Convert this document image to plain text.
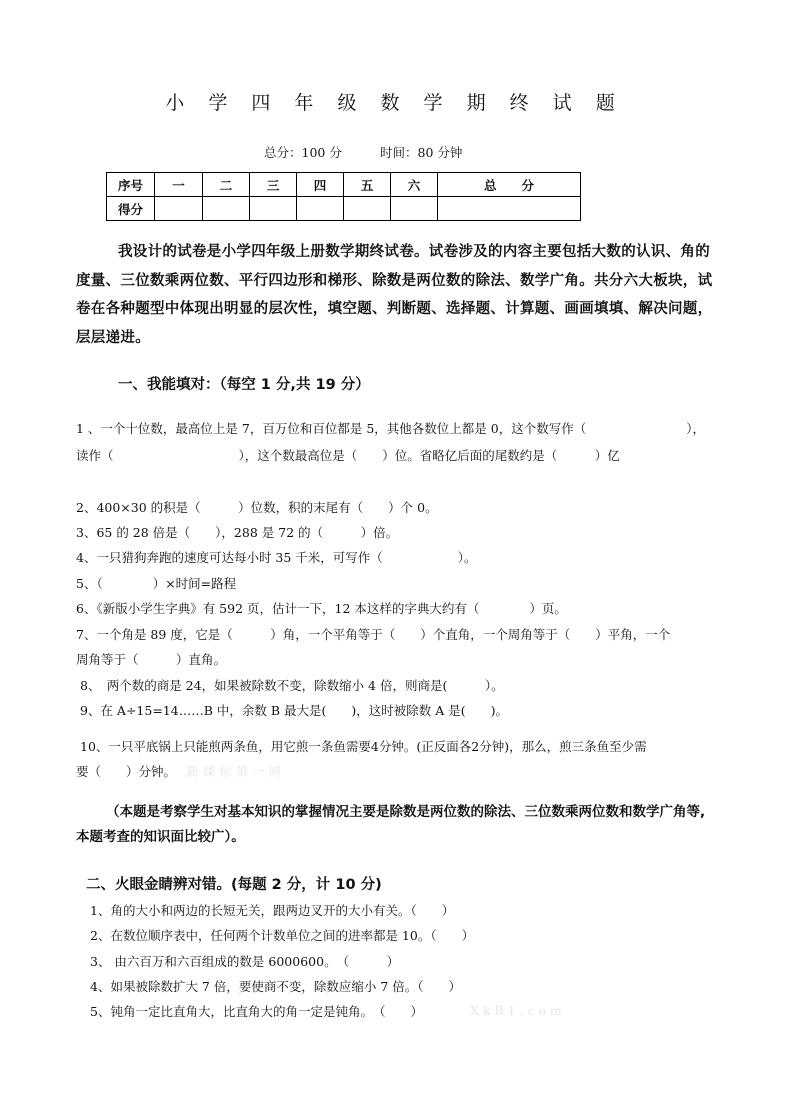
小 学 四 年 级 数 学 期 终 试 题
总分：100 分	时间：80 分钟
序号	一	二	三	四	五	六	总　　分
得分							
我设计的试卷是小学四年级上册数学期终试卷。试卷涉及的内容主要包括大数的认识、角的度量、三位数乘两位数、平行四边形和梯形、除数是两位数的除法、数学广角。共分六大板块，试卷在各种题型中体现出明显的层次性，填空题、判断题、选择题、计算题、画画填填、解决问题，层层递进。
一、我能填对：（每空 1 分,共 19 分）
1 、一个十位数，最高位上是 7，百万位和百位都是 5，其他各数位上都是 0，这个数写作（　　　　　　　　），
读作（　　　　　　　　　　），这个数最高位是（　　）位。省略亿后面的尾数约是（　　　）亿
2、400×30 的积是（　　　）位数，积的末尾有（　　）个 0。
3、65 的 28 倍是（　　），288 是 72 的（　　　）倍。
4、一只猎狗奔跑的速度可达每小时 35 千米，可写作（　　　　　　）。
5、（　　　　）×时间=路程
6、《新版小学生字典》有 592 页，估计一下，12 本这样的字典大约有（　　　　）页。
7、一个角是 89 度，它是（　　　）角，一个平角等于（　　）个直角，一个周角等于（　　）平角，一个
周角等于（　　　）直角。
8、　两个数的商是 24，如果被除数不变，除数缩小 4 倍，则商是(　　　）。
9、在 A÷15=14……B 中，余数 B 最大是(　　)，这时被除数 A 是(　　)。
10、一只平底锅上只能煎两条鱼，用它煎一条鱼需要4分钟。(正反面各2分钟)，那么，煎三条鱼至少需
要（　　）分钟。 新 课 标 第 一 网
（本题是考察学生对基本知识的掌握情况主要是除数是两位数的除法、三位数乘两位数和数学广角等,本题考查的知识面比较广）。
二、火眼金睛辨对错。(每题 2 分，计 10 分)
1、角的大小和两边的长短无关，跟两边叉开的大小有关。（　　）
2、在数位顺序表中，任何两个计数单位之间的进率都是 10。（　　）
3、 由六百万和六百组成的数是 6000600。　（　　　）
4、如果被除数扩大 7 倍，要使商不变，除数应缩小 7 倍。（　　）
5、钝角一定比直角大，比直角大的角一定是钝角。　（　　）	X k B 1 . c o m
